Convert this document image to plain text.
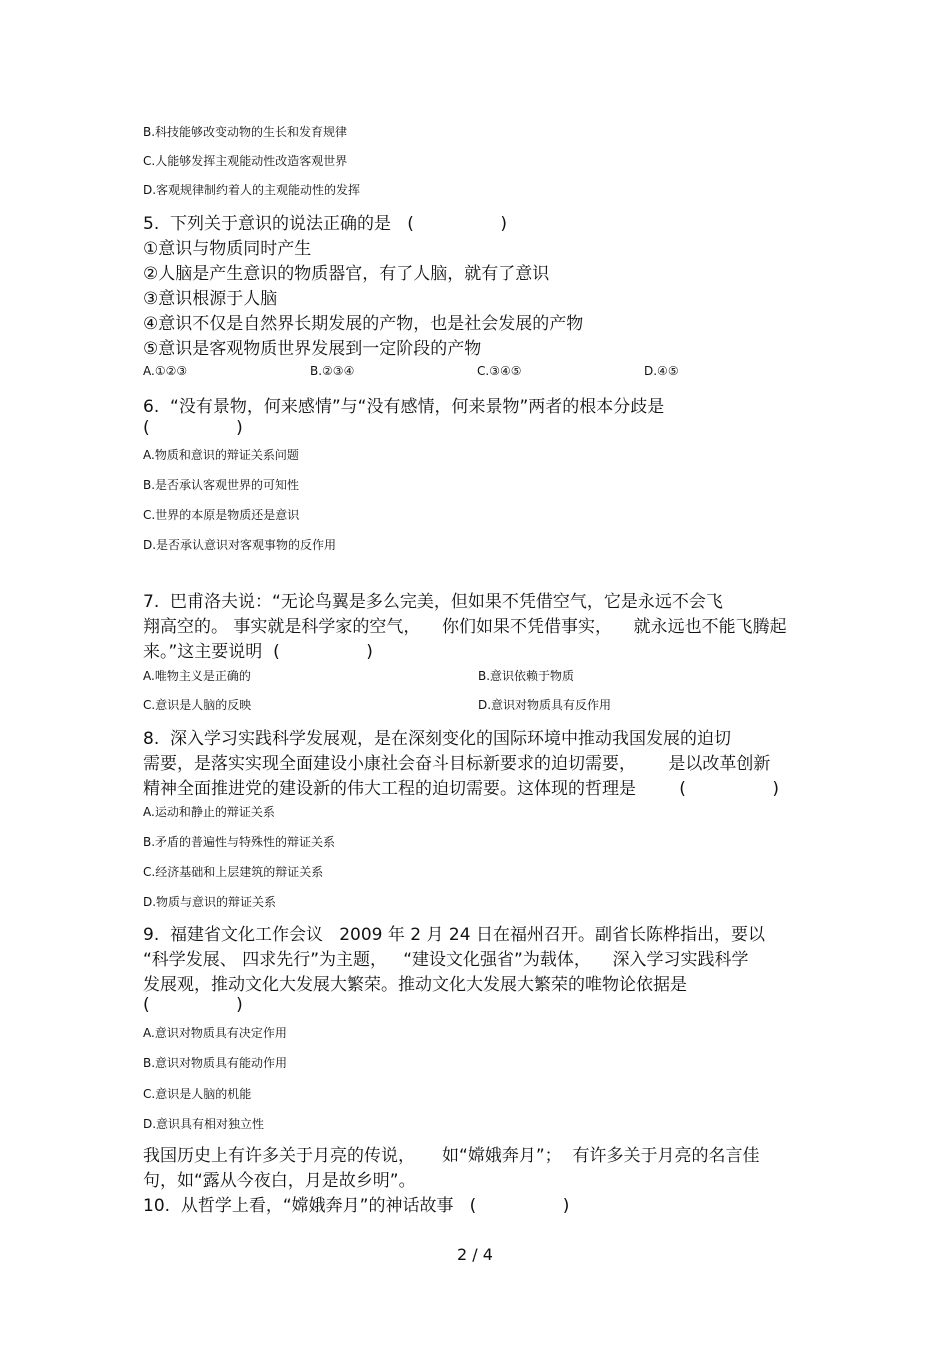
B.科技能够改变动物的生长和发育规律
C.人能够发挥主观能动性改造客观世界
D.客观规律制约着人的主观能动性的发挥
5.  下列关于意识的说法正确的是   (                )
①意识与物质同时产生
②人脑是产生意识的物质器官，有了人脑，就有了意识
③意识根源于人脑
④意识不仅是自然界长期发展的产物，也是社会发展的产物
⑤意识是客观物质世界发展到一定阶段的产物
A.①②③	B.②③④	C.③④⑤	D.④⑤
6.  “没有景物，何来感情”与“没有感情，何来景物”两者的根本分歧是
(                )
A.物质和意识的辩证关系问题
B.是否承认客观世界的可知性
C.世界的本原是物质还是意识
D.是否承认意识对客观事物的反作用
7.  巴甫洛夫说：“无论鸟翼是多么完美，但如果不凭借空气，它是永远不会飞
翔高空的。 事实就是科学家的空气，    你们如果不凭借事实，    就永远也不能飞腾起
来。”这主要说明  (                )
A.唯物主义是正确的	B.意识依赖于物质
C.意识是人脑的反映	D.意识对物质具有反作用
8.  深入学习实践科学发展观，是在深刻变化的国际环境中推动我国发展的迫切
需要，是落实实现全面建设小康社会奋斗目标新要求的迫切需要，      是以改革创新
精神全面推进党的建设新的伟大工程的迫切需要。这体现的哲理是        (                )
A.运动和静止的辩证关系
B.矛盾的普遍性与特殊性的辩证关系
C.经济基础和上层建筑的辩证关系
D.物质与意识的辩证关系
9.  福建省文化工作会议   2009 年 2 月 24 日在福州召开。副省长陈桦指出，要以
“科学发展、 四求先行”为主题，   “建设文化强省”为载体，    深入学习实践科学
发展观，推动文化大发展大繁荣。推动文化大发展大繁荣的唯物论依据是
(                )
A.意识对物质具有决定作用
B.意识对物质具有能动作用
C.意识是人脑的机能
D.意识具有相对独立性
我国历史上有许多关于月亮的传说，     如“嫦娥奔月”；  有许多关于月亮的名言佳
句，如“露从今夜白，月是故乡明”。
10.  从哲学上看，“嫦娥奔月”的神话故事   (                )
2 / 4
